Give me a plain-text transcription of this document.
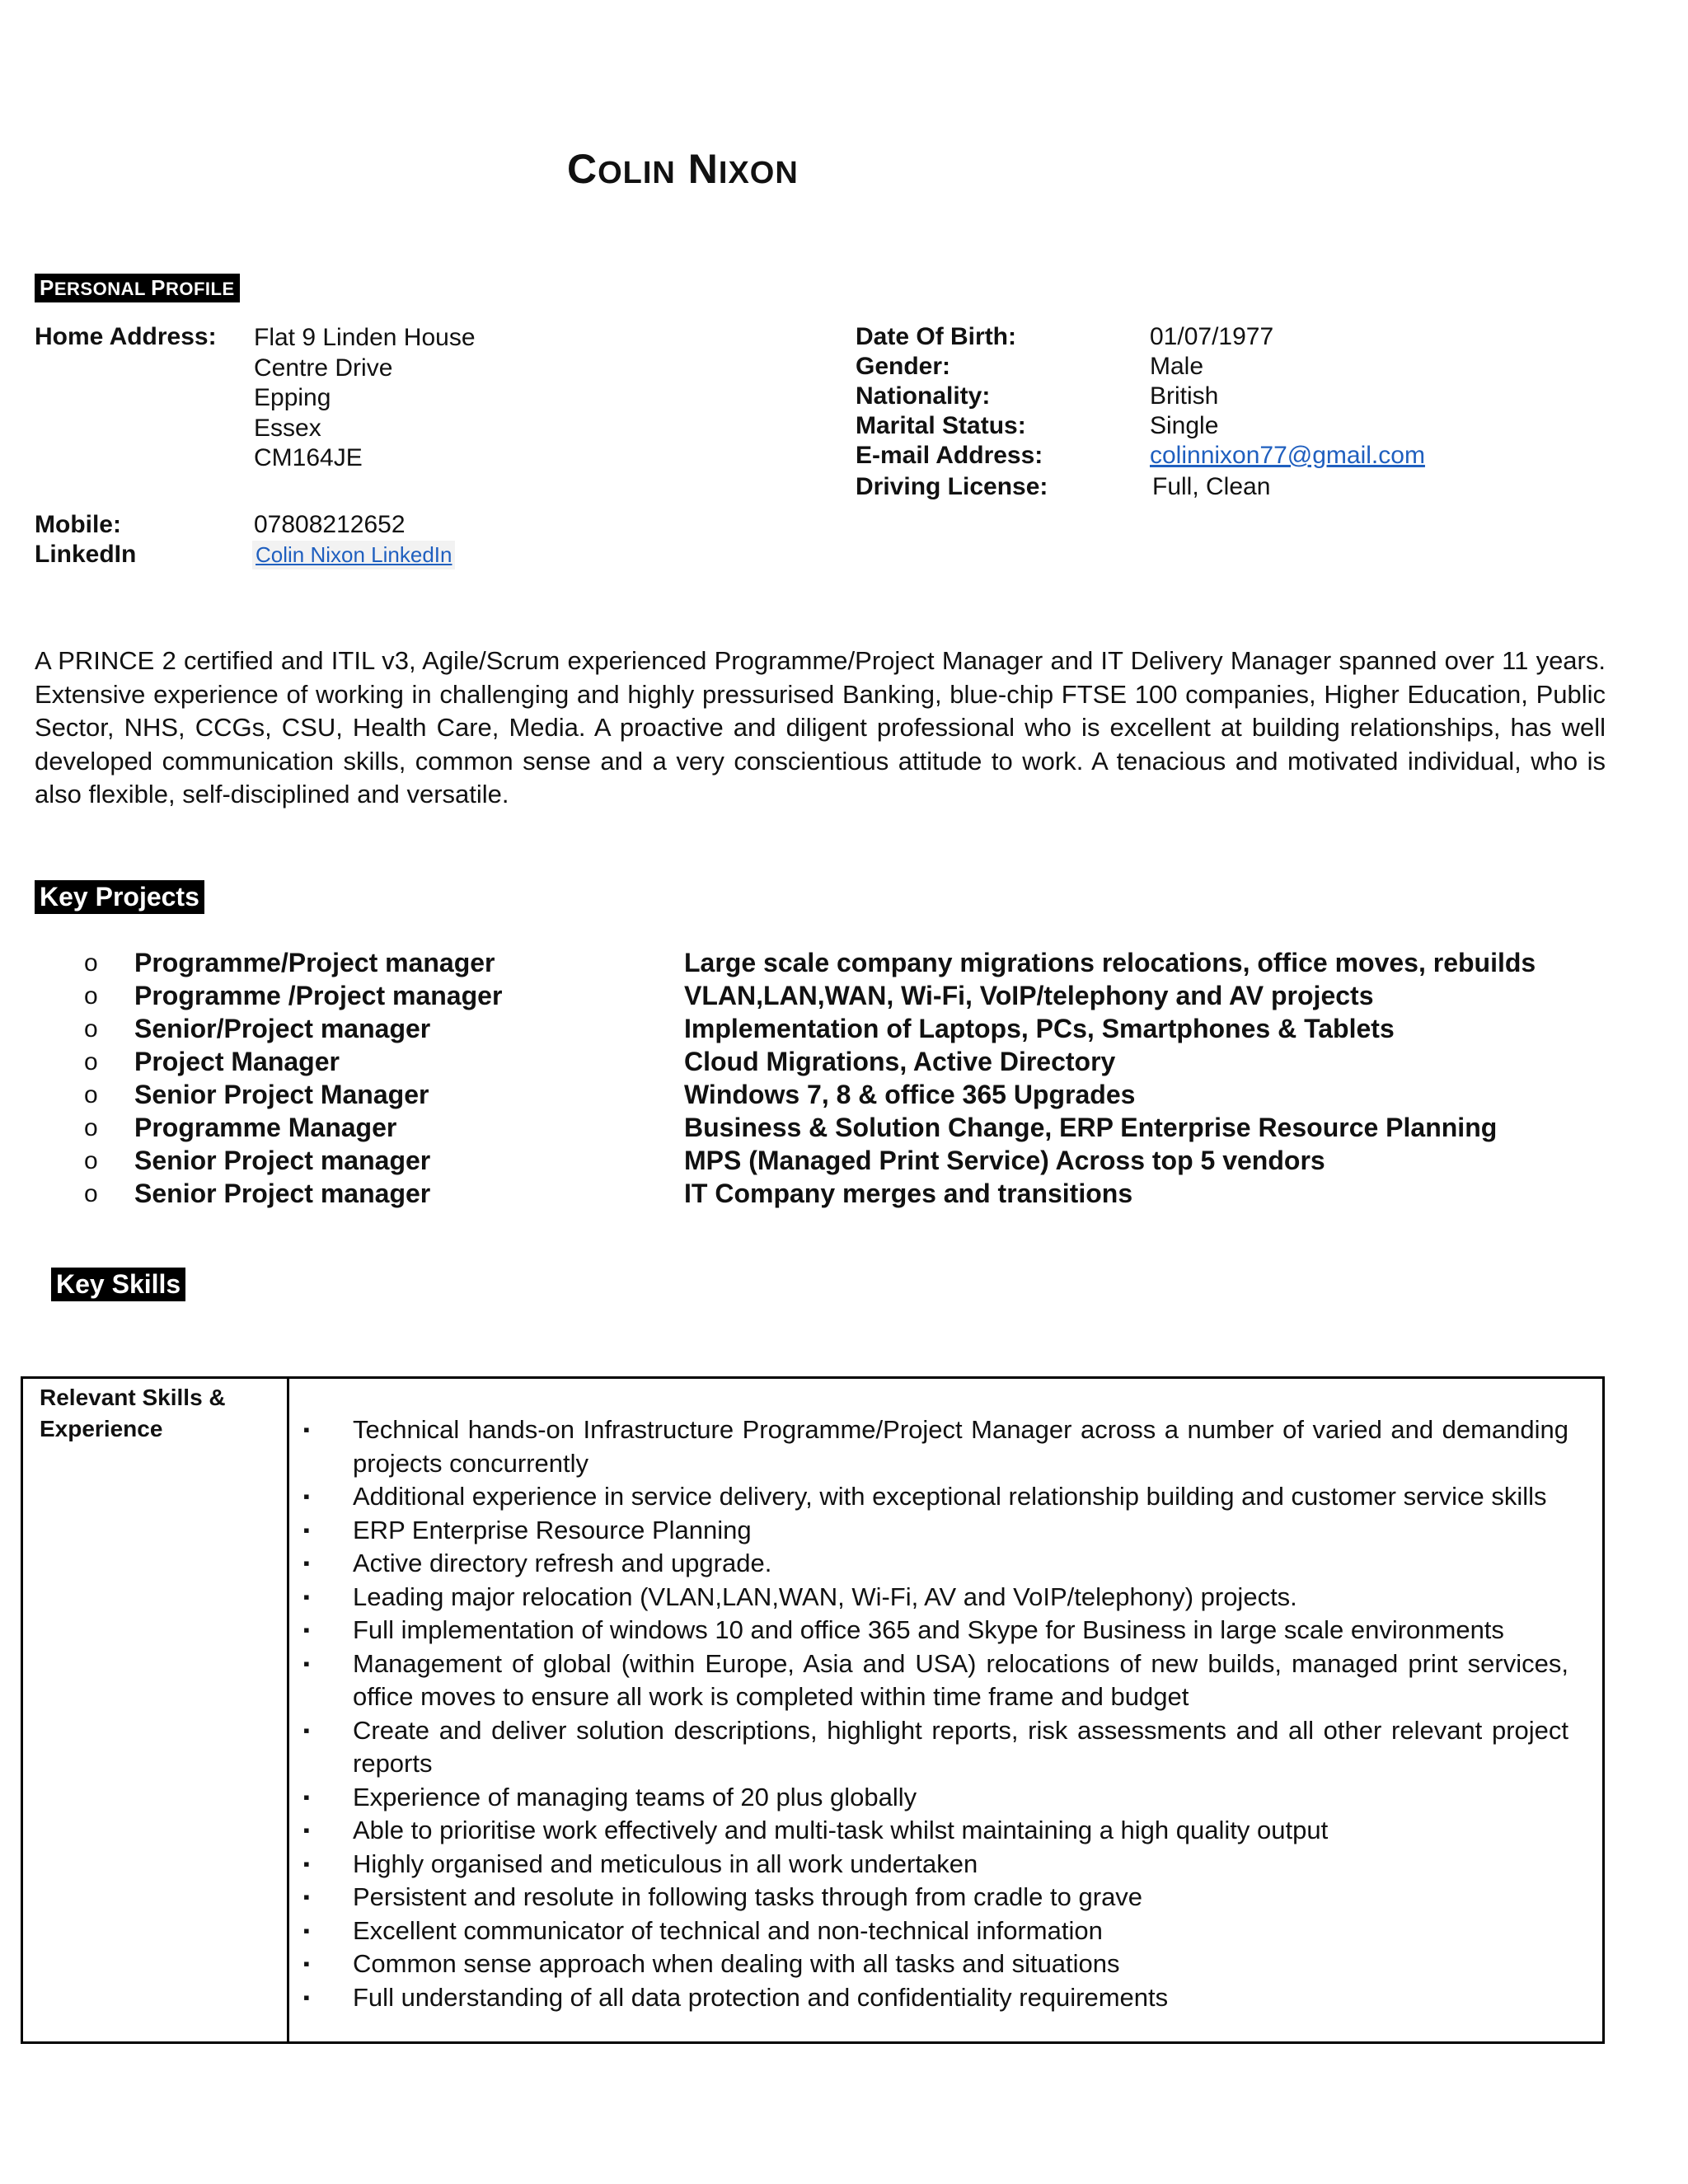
COLIN NIXON
PERSONAL PROFILE
Home Address: Flat 9 Linden House
Centre Drive
Epping
Essex
CM164JE
Mobile:	07808212652
LinkedIn	Colin Nixon LinkedIn
Date Of Birth:	01/07/1977
Gender:	Male
Nationality:	British
Marital Status:	Single
E-mail Address:	colinnixon77@gmail.com
Driving License:	Full, Clean
A PRINCE 2 certified and ITIL v3, Agile/Scrum experienced Programme/Project Manager and IT Delivery Manager spanned over 11 years. Extensive experience of working in challenging and highly pressurised Banking, blue-chip FTSE 100 companies, Higher Education, Public Sector, NHS, CCGs, CSU, Health Care, Media. A proactive and diligent professional who is excellent at building relationships, has well developed communication skills, common sense and a very conscientious attitude to work. A tenacious and motivated individual, who is also flexible, self-disciplined and versatile.
Key Projects
o Programme/Project manager	Large scale company migrations relocations, office moves, rebuilds
o Programme /Project manager	VLAN,LAN,WAN, Wi-Fi, VoIP/telephony and AV projects
o Senior/Project manager	Implementation of Laptops, PCs, Smartphones & Tablets
o Project Manager	Cloud Migrations, Active Directory
o Senior Project Manager	Windows 7, 8 & office 365 Upgrades
o Programme Manager	Business & Solution Change, ERP Enterprise Resource Planning
o Senior Project manager	MPS (Managed Print Service) Across top 5 vendors
o Senior Project manager	IT Company merges and transitions
Key Skills
Relevant Skills & Experience	▪ Technical hands-on Infrastructure Programme/Project Manager across a number of varied and demanding projects concurrently
▪ Additional experience in service delivery, with exceptional relationship building and customer service skills
▪ ERP Enterprise Resource Planning
▪ Active directory refresh and upgrade.
▪ Leading major relocation (VLAN,LAN,WAN, Wi-Fi, AV and VoIP/telephony) projects.
▪ Full implementation of windows 10 and office 365 and Skype for Business in large scale environments
▪ Management of global (within Europe, Asia and USA) relocations of new builds, managed print services, office moves to ensure all work is completed within time frame and budget
▪ Create and deliver solution descriptions, highlight reports, risk assessments and all other relevant project reports
▪ Experience of managing teams of 20 plus globally
▪ Able to prioritise work effectively and multi-task whilst maintaining a high quality output
▪ Highly organised and meticulous in all work undertaken
▪ Persistent and resolute in following tasks through from cradle to grave
▪ Excellent communicator of technical and non-technical information
▪ Common sense approach when dealing with all tasks and situations
▪ Full understanding of all data protection and confidentiality requirements
